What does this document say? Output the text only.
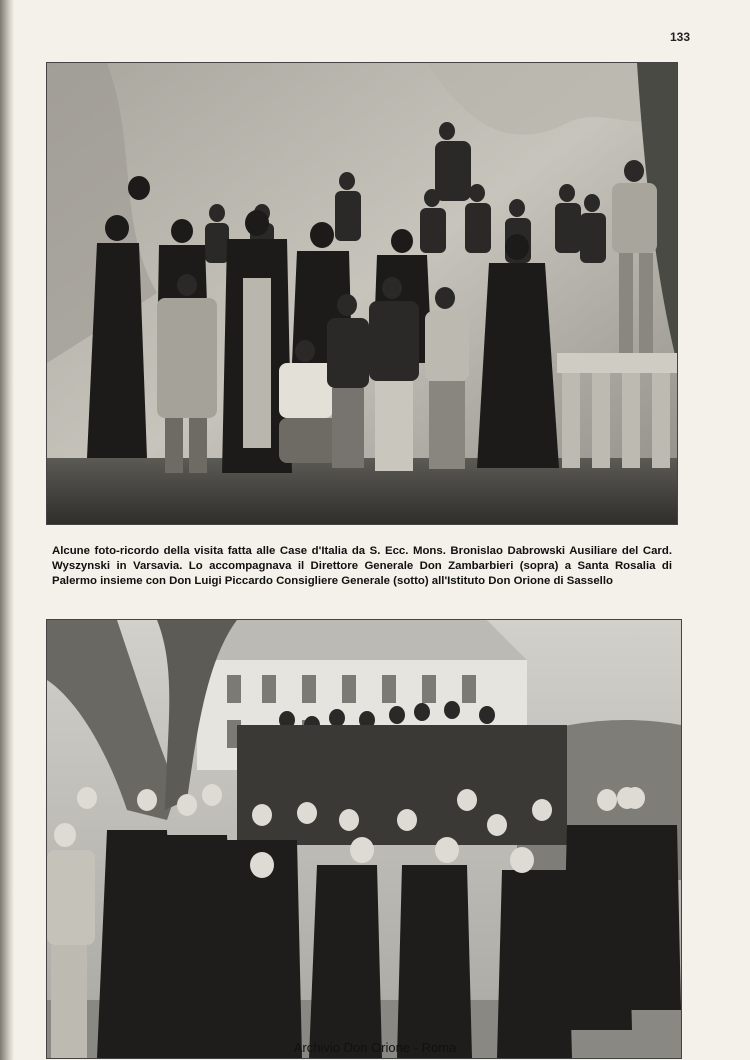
133
Alcune foto-ricordo della visita fatta alle Case d'Italia da S. Ecc. Mons. Bronislao Dabrowski Ausiliare del Card. Wyszynski in Varsavia. Lo accompagnava il Direttore Generale Don Zambarbieri (sopra) a Santa Rosalia di Palermo insieme con Don Luigi Piccardo Consigliere Generale (sotto) all'Istituto Don Orione di Sassello
Archivio Don Orione - Roma
